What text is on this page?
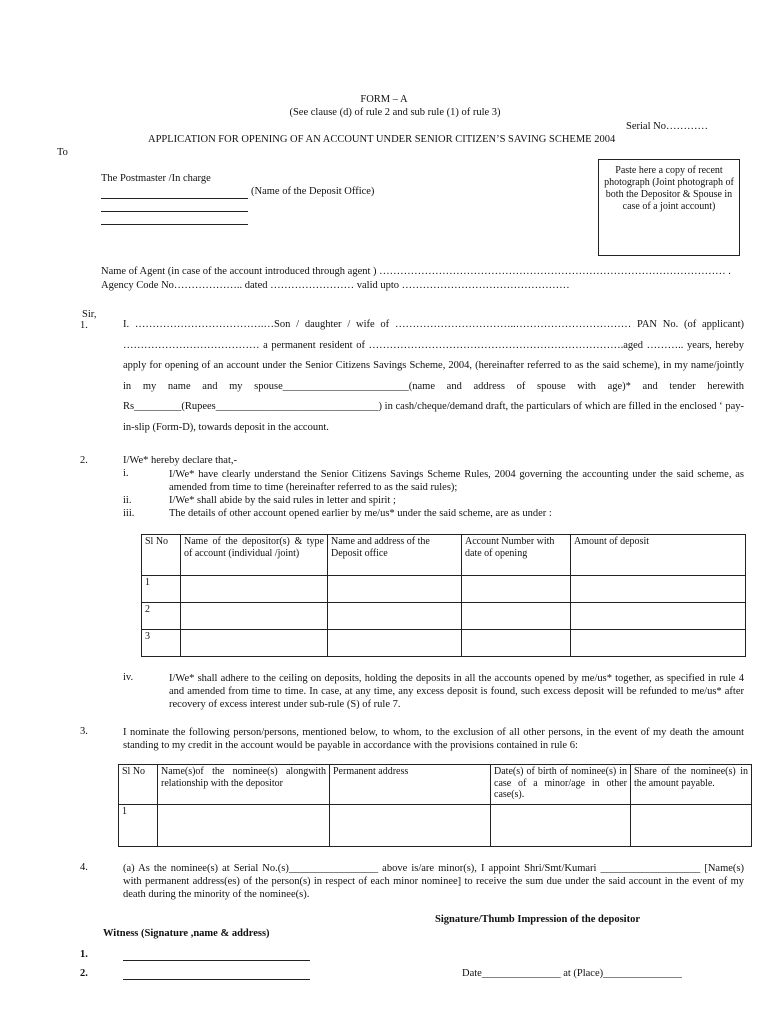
FORM – A
(See clause (d) of rule 2 and sub rule (1) of rule 3)
Serial No…………
APPLICATION FOR OPENING OF AN ACCOUNT UNDER SENIOR CITIZEN’S SAVING SCHEME 2004
To
The Postmaster /In charge
(Name of the Deposit Office)
Paste here a copy of recent photograph (Joint photograph of both the Depositor & Spouse in case of a joint account)
Name of Agent (in case of the account introduced through agent ) ……………………………………………………………………………………… .
Agency Code No……………….. dated …………………… valid upto …………………………………………
Sir,
1.	I. ……………………………….…Son / daughter / wife of ……………………………..…………………………… PAN No. (of applicant) ………………………………… a permanent resident of ……………………………………………………………….aged ……….. years, hereby apply for opening of an account under the Senior Citizens Savings Scheme, 2004, (hereinafter referred to as the said scheme), in my name/jointly in my name and my spouse________________________(name and address of spouse with age)* and tender herewith Rs_________(Rupees_______________________________) in cash/cheque/demand draft, the particulars of which are filled in the enclosed ‘ pay-in-slip (Form-D), towards deposit in the account.
2.	I/We* hereby declare that,-
i.	I/We* have clearly understand the Senior Citizens Savings Scheme Rules, 2004 governing the accounting under the said scheme, as amended from time to time (hereinafter referred to as the said rules);
ii.	I/We* shall abide by the said rules in letter and spirit ;
iii.	The details of other account opened earlier by me/us* under the said scheme, are as under :
Sl No	Name of the depositor(s) & type of account (individual /joint)	Name and address of the Deposit office	Account Number with date of opening	Amount of deposit
1				
2				
3				
iv.	I/We* shall adhere to the ceiling on deposits, holding the deposits in all the accounts opened by me/us* together, as specified in rule 4 and amended from time to time. In case, at any time, any excess deposit is found, such excess deposit will be refunded to me/us* after recovery of excess interest under sub-rule (S) of rule 7.
3.	I nominate the following person/persons, mentioned below, to whom, to the exclusion of all other persons, in the event of my death the amount standing to my credit in the account would be payable in accordance with the provisions contained in rule 6:
Sl No	Name(s)of the nominee(s) alongwith relationship with the depositor	Permanent address	Date(s) of birth of nominee(s) in case of a minor/age in other case(s).	Share of the nominee(s) in the amount payable.
1				
4.	(a) As the nominee(s) at Serial No.(s)_________________ above is/are minor(s), I appoint Shri/Smt/Kumari ___________________ [Name(s) with permanent address(es) of the person(s) in respect of each minor nominee] to receive the sum due under the said account in the event of my death during the minority of the nominee(s).
Signature/Thumb Impression of the depositor
Witness (Signature ,name & address)
1.
2.	Date_______________ at (Place)_______________
